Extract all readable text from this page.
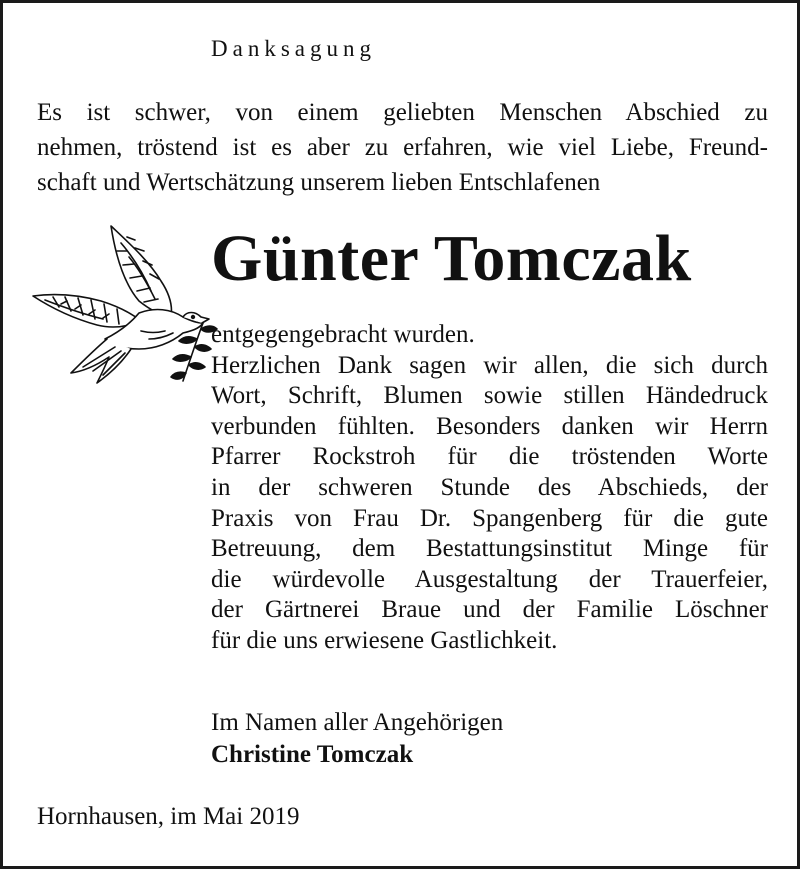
Danksagung
Es ist schwer, von einem geliebten Menschen Abschied zu
nehmen, tröstend ist es aber zu erfahren, wie viel Liebe, Freund-
schaft und Wertschätzung unserem lieben Entschlafenen
Günter Tomczak
entgegengebracht wurden.
Herzlichen Dank sagen wir allen, die sich durch
Wort, Schrift, Blumen sowie stillen Händedruck
verbunden fühlten. Besonders danken wir Herrn
Pfarrer Rockstroh für die tröstenden Worte
in der schweren Stunde des Abschieds, der
Praxis von Frau Dr. Spangenberg für die gute
Betreuung, dem Bestattungsinstitut Minge für
die würdevolle Ausgestaltung der Trauerfeier,
der Gärtnerei Braue und der Familie Löschner
für die uns erwiesene Gastlichkeit.
Im Namen aller Angehörigen
Christine Tomczak
Hornhausen, im Mai 2019
